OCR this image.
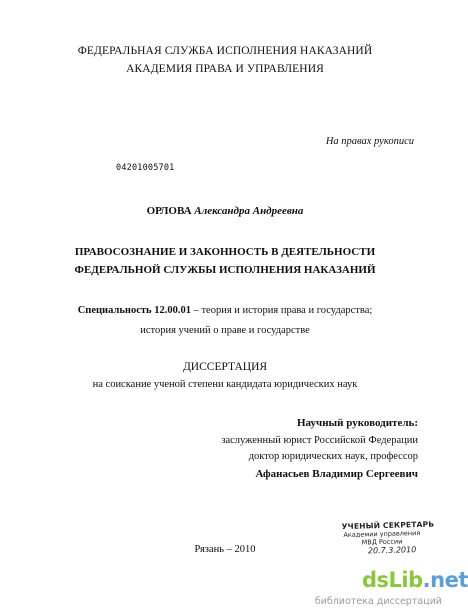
ФЕДЕРАЛЬНАЯ СЛУЖБА ИСПОЛНЕНИЯ НАКАЗАНИЙ
АКАДЕМИЯ ПРАВА И УПРАВЛЕНИЯ
На правах рукописи
04201005701
ОРЛОВА Александра Андреевна
ПРАВОСОЗНАНИЕ И ЗАКОННОСТЬ В ДЕЯТЕЛЬНОСТИ
ФЕДЕРАЛЬНОЙ СЛУЖБЫ ИСПОЛНЕНИЯ НАКАЗАНИЙ
Специальность 12.00.01 – теория и история права и государства;
история учений о праве и государстве
ДИССЕРТАЦИЯ
на соискание ученой степени кандидата юридических наук
Научный руководитель:
заслуженный юрист Российской Федерации
доктор юридических наук, профессор
Афанасьев Владимир Сергеевич
Рязань – 2010
УЧЕНЫЙ СЕКРЕТАРЬ
Академии управления
МВД России
20.7.3.2010
dsLib.net
библиотека диссертаций
